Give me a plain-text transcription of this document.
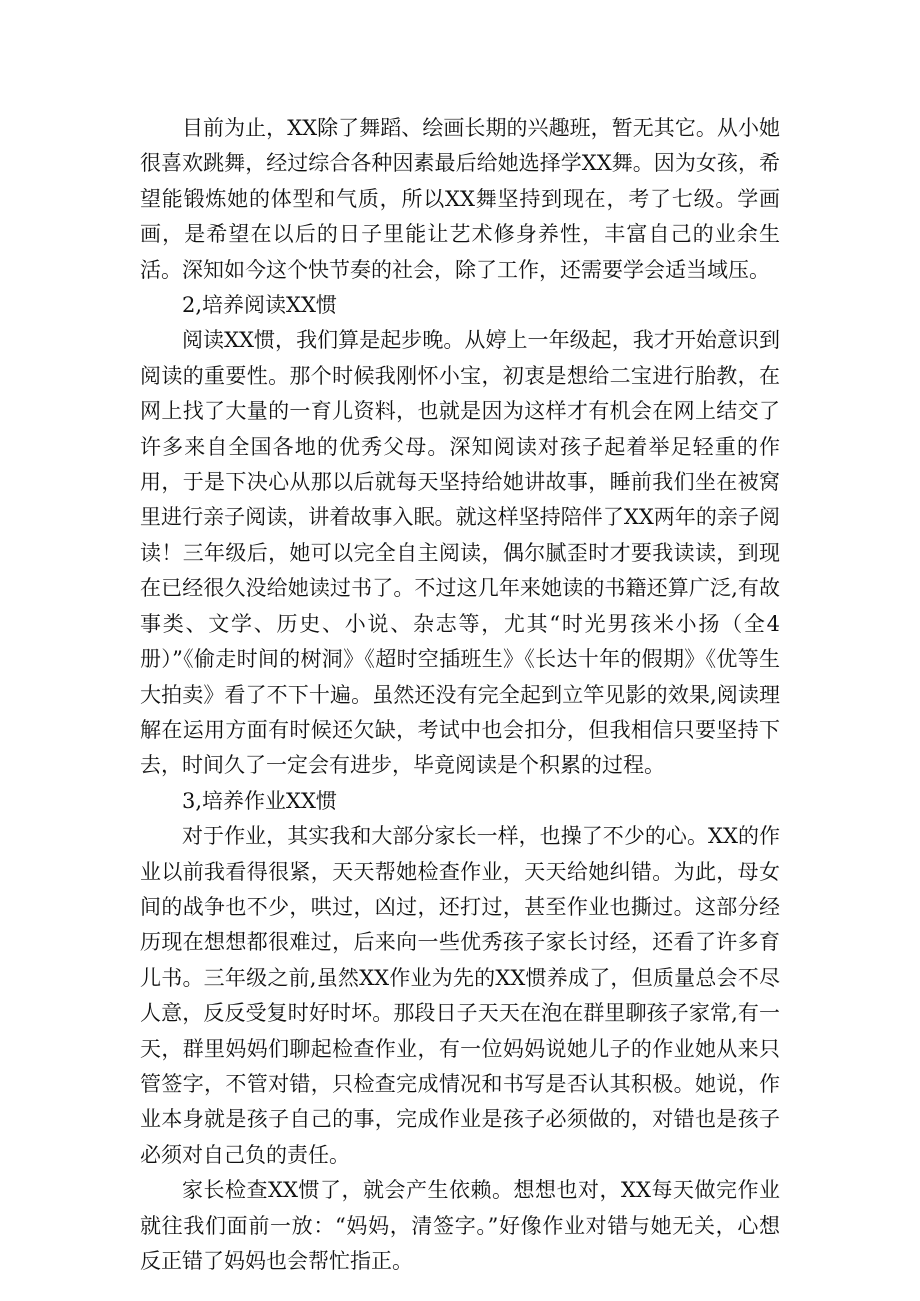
目前为止，XX除了舞蹈、绘画长期的兴趣班，暂无其它。从小她很喜欢跳舞，经过综合各种因素最后给她选择学XX舞。因为女孩，希望能锻炼她的体型和气质，所以XX舞坚持到现在，考了七级。学画画，是希望在以后的日子里能让艺术修身养性，丰富自己的业余生活。深知如今这个快节奏的社会，除了工作，还需要学会适当域压。

2,培养阅读XX惯

阅读XX惯，我们算是起步晚。从婷上一年级起，我才开始意识到阅读的重要性。那个时候我刚怀小宝，初衷是想给二宝进行胎教，在网上找了大量的一育儿资料，也就是因为这样才有机会在网上结交了许多来自全国各地的优秀父母。深知阅读对孩子起着举足轻重的作用，于是下决心从那以后就每天坚持给她讲故事，睡前我们坐在被窝里进行亲子阅读，讲着故事入眠。就这样坚持陪伴了XX两年的亲子阅读！三年级后，她可以完全自主阅读，偶尔腻歪时才要我读读，到现在已经很久没给她读过书了。不过这几年来她读的书籍还算广泛,有故事类、文学、历史、小说、杂志等，尤其“时光男孩米小扬（全4册）”《偷走时间的树洞》《超时空插班生》《长达十年的假期》《优等生大拍卖》看了不下十遍。虽然还没有完全起到立竿见影的效果,阅读理解在运用方面有时候还欠缺，考试中也会扣分，但我相信只要坚持下去，时间久了一定会有进步，毕竟阅读是个积累的过程。

3,培养作业XX惯

对于作业，其实我和大部分家长一样，也操了不少的心。XX的作业以前我看得很紧，天天帮她检查作业，天天给她纠错。为此，母女间的战争也不少，哄过，凶过，还打过，甚至作业也撕过。这部分经历现在想想都很难过，后来向一些优秀孩子家长讨经，还看了许多育儿书。三年级之前,虽然XX作业为先的XX惯养成了，但质量总会不尽人意，反反受复时好时坏。那段日子天天在泡在群里聊孩子家常,有一天，群里妈妈们聊起检查作业，有一位妈妈说她儿子的作业她从来只管签字，不管对错，只检查完成情况和书写是否认其积极。她说，作业本身就是孩子自己的事，完成作业是孩子必须做的，对错也是孩子必须对自己负的责任。

家长检查XX惯了，就会产生依赖。想想也对，XX每天做完作业就往我们面前一放：“妈妈，清签字。”好像作业对错与她无关，心想反正错了妈妈也会帮忙指正。
